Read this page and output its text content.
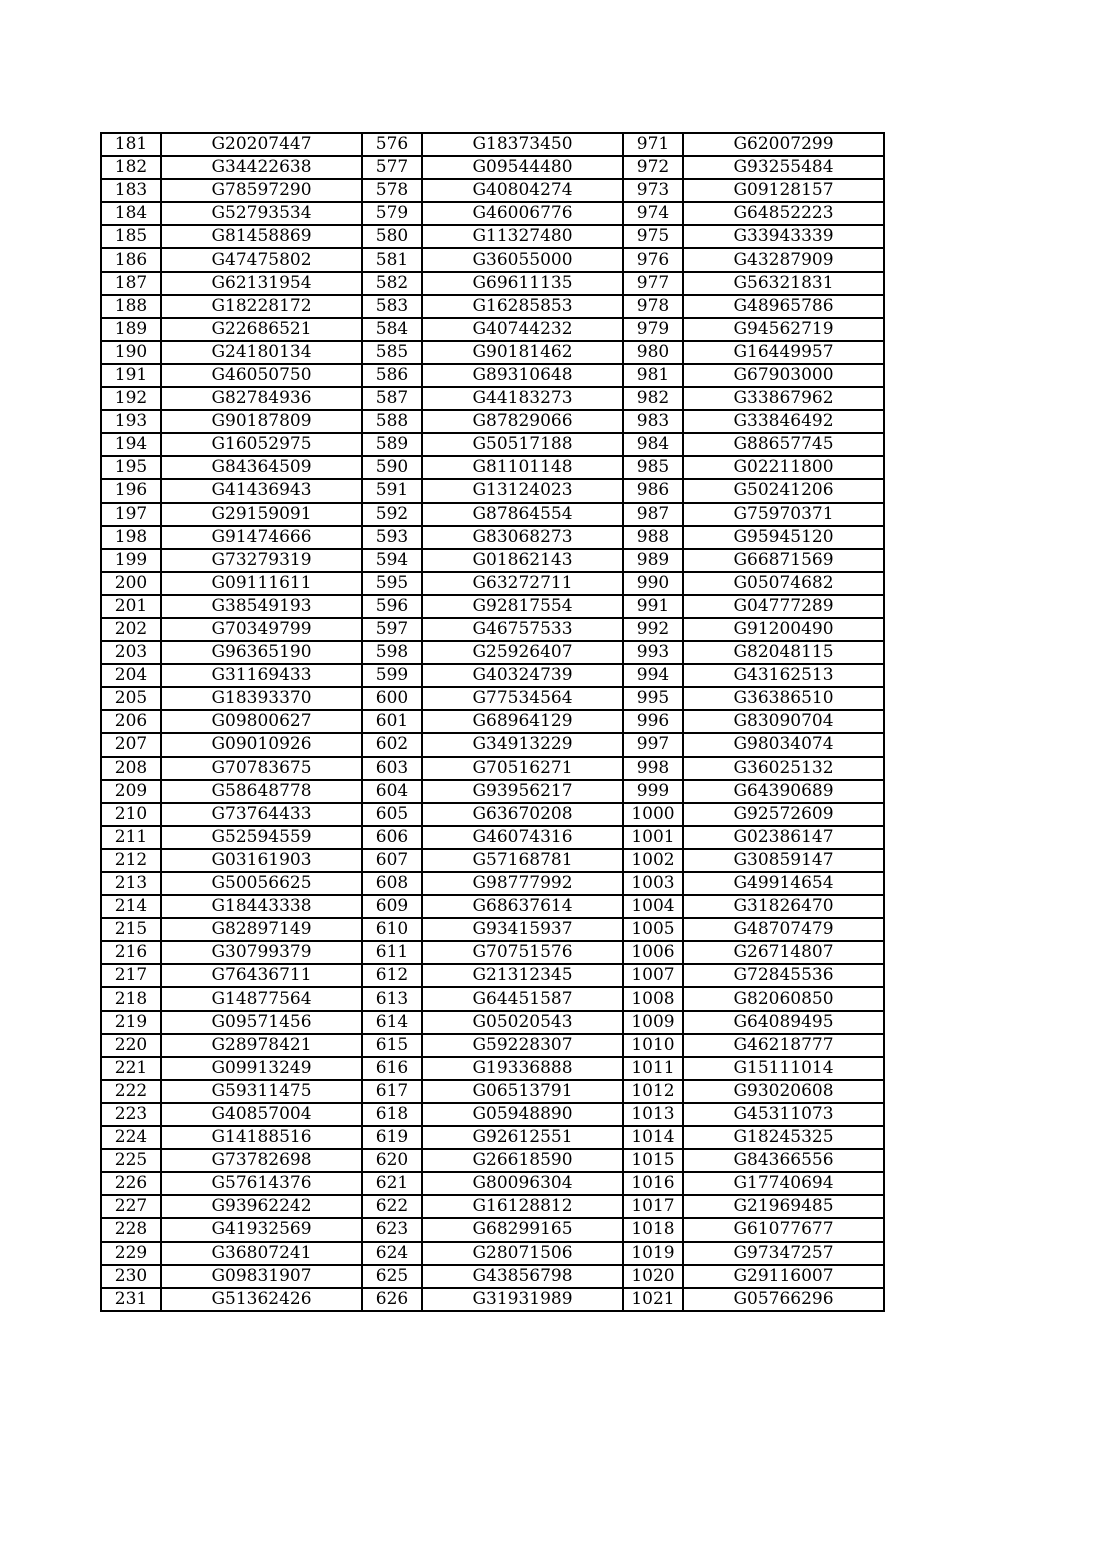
181	G20207447	576	G18373450	971	G62007299
182	G34422638	577	G09544480	972	G93255484
183	G78597290	578	G40804274	973	G09128157
184	G52793534	579	G46006776	974	G64852223
185	G81458869	580	G11327480	975	G33943339
186	G47475802	581	G36055000	976	G43287909
187	G62131954	582	G69611135	977	G56321831
188	G18228172	583	G16285853	978	G48965786
189	G22686521	584	G40744232	979	G94562719
190	G24180134	585	G90181462	980	G16449957
191	G46050750	586	G89310648	981	G67903000
192	G82784936	587	G44183273	982	G33867962
193	G90187809	588	G87829066	983	G33846492
194	G16052975	589	G50517188	984	G88657745
195	G84364509	590	G81101148	985	G02211800
196	G41436943	591	G13124023	986	G50241206
197	G29159091	592	G87864554	987	G75970371
198	G91474666	593	G83068273	988	G95945120
199	G73279319	594	G01862143	989	G66871569
200	G09111611	595	G63272711	990	G05074682
201	G38549193	596	G92817554	991	G04777289
202	G70349799	597	G46757533	992	G91200490
203	G96365190	598	G25926407	993	G82048115
204	G31169433	599	G40324739	994	G43162513
205	G18393370	600	G77534564	995	G36386510
206	G09800627	601	G68964129	996	G83090704
207	G09010926	602	G34913229	997	G98034074
208	G70783675	603	G70516271	998	G36025132
209	G58648778	604	G93956217	999	G64390689
210	G73764433	605	G63670208	1000	G92572609
211	G52594559	606	G46074316	1001	G02386147
212	G03161903	607	G57168781	1002	G30859147
213	G50056625	608	G98777992	1003	G49914654
214	G18443338	609	G68637614	1004	G31826470
215	G82897149	610	G93415937	1005	G48707479
216	G30799379	611	G70751576	1006	G26714807
217	G76436711	612	G21312345	1007	G72845536
218	G14877564	613	G64451587	1008	G82060850
219	G09571456	614	G05020543	1009	G64089495
220	G28978421	615	G59228307	1010	G46218777
221	G09913249	616	G19336888	1011	G15111014
222	G59311475	617	G06513791	1012	G93020608
223	G40857004	618	G05948890	1013	G45311073
224	G14188516	619	G92612551	1014	G18245325
225	G73782698	620	G26618590	1015	G84366556
226	G57614376	621	G80096304	1016	G17740694
227	G93962242	622	G16128812	1017	G21969485
228	G41932569	623	G68299165	1018	G61077677
229	G36807241	624	G28071506	1019	G97347257
230	G09831907	625	G43856798	1020	G29116007
231	G51362426	626	G31931989	1021	G05766296
